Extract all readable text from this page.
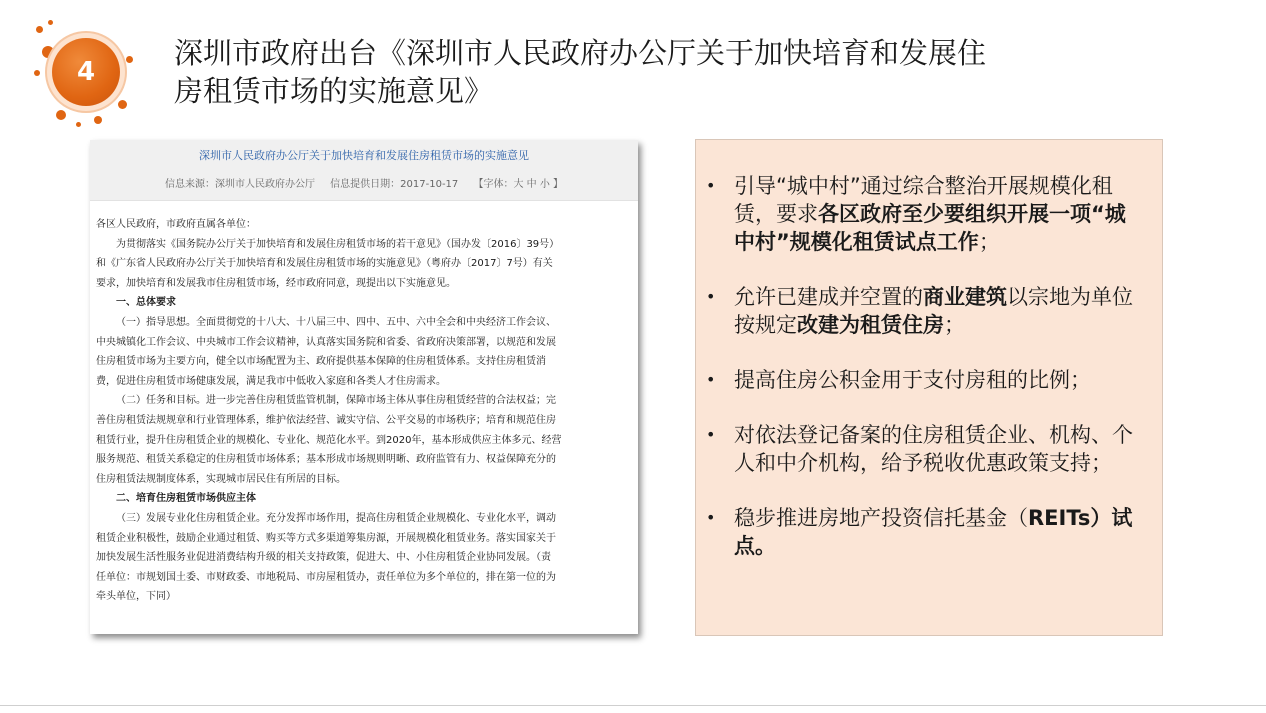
4
深圳市政府出台《深圳市人民政府办公厅关于加快培育和发展住
房租赁市场的实施意见》
深圳市人民政府办公厅关于加快培育和发展住房租赁市场的实施意见
信息来源：深圳市人民政府办公厅 信息提供日期：2017-10-17 【字体：大 中 小 】

各区人民政府，市政府直属各单位：

为贯彻落实《国务院办公厅关于加快培育和发展住房租赁市场的若干意见》（国办发〔2016〕39号）

和《广东省人民政府办公厅关于加快培育和发展住房租赁市场的实施意见》（粤府办〔2017〕7号）有关

要求，加快培育和发展我市住房租赁市场，经市政府同意，现提出以下实施意见。

一、总体要求

（一）指导思想。全面贯彻党的十八大、十八届三中、四中、五中、六中全会和中央经济工作会议、

中央城镇化工作会议、中央城市工作会议精神，认真落实国务院和省委、省政府决策部署，以规范和发展

住房租赁市场为主要方向，健全以市场配置为主、政府提供基本保障的住房租赁体系。支持住房租赁消

费，促进住房租赁市场健康发展，满足我市中低收入家庭和各类人才住房需求。

（二）任务和目标。进一步完善住房租赁监管机制，保障市场主体从事住房租赁经营的合法权益；完

善住房租赁法规规章和行业管理体系，维护依法经营、诚实守信、公平交易的市场秩序；培育和规范住房

租赁行业，提升住房租赁企业的规模化、专业化、规范化水平。到2020年，基本形成供应主体多元、经营

服务规范、租赁关系稳定的住房租赁市场体系；基本形成市场规则明晰、政府监管有力、权益保障充分的

住房租赁法规制度体系，实现城市居民住有所居的目标。

二、培育住房租赁市场供应主体

（三）发展专业化住房租赁企业。充分发挥市场作用，提高住房租赁企业规模化、专业化水平，调动

租赁企业积极性，鼓励企业通过租赁、购买等方式多渠道筹集房源，开展规模化租赁业务。落实国家关于

加快发展生活性服务业促进消费结构升级的相关支持政策，促进大、中、小住房租赁企业协同发展。（责

任单位：市规划国土委、市财政委、市地税局、市房屋租赁办，责任单位为多个单位的，排在第一位的为

牵头单位，下同）

• 引导“城中村”通过综合整治开展规模化租赁，要求各区政府至少要组织开展一项“城中村”规模化租赁试点工作；
• 允许已建成并空置的商业建筑以宗地为单位按规定改建为租赁住房；
• 提高住房公积金用于支付房租的比例；
• 对依法登记备案的住房租赁企业、机构、个人和中介机构，给予税收优惠政策支持；
• 稳步推进房地产投资信托基金（REITs）试点。
